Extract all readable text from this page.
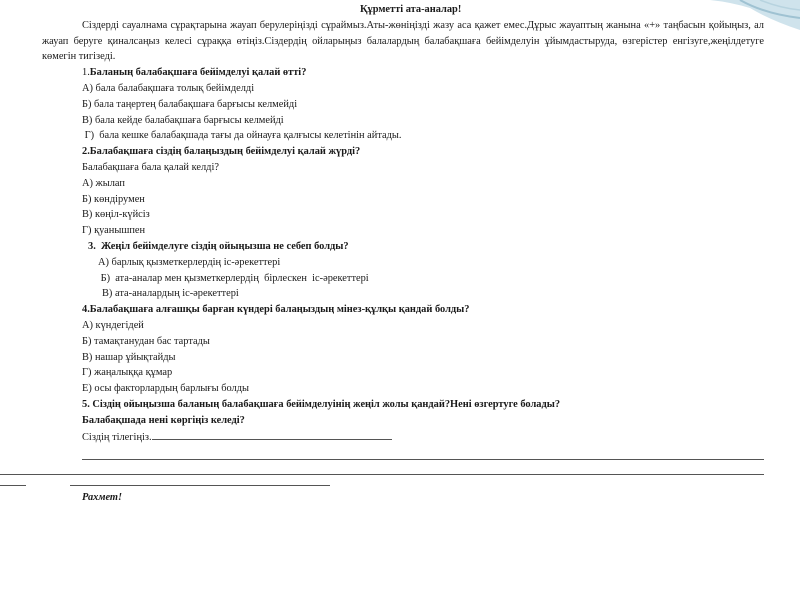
Құрметті ата-аналар!
Сіздерді сауалнама сұрақтарына жауап берулеріңізді сұраймыз.Аты-жөніңізді жазу аса қажет емес.Дұрыс жауаптың жанына «+» таңбасын қойыңыз, ал жауап беруге қиналсаңыз келесі сұраққа өтіңіз.Сіздердің ойларыңыз балалардың балабақшаға бейімделуін ұйымдастыруда, өзгерістер енгізуге,жеңілдетуге көмегін тигізеді.
1.Баланың балабақшаға бейімделуі қалай өтті?
А) бала балабақшаға толық бейімделді
Б) бала таңертең балабақшаға барғысы келмейді
В) бала кейде балабақшаға барғысы келмейді
Г)  бала кешке балабақшада тағы да ойнауға қалғысы келетінін айтады.
2.Балабақшаға сіздің балаңыздың бейімделуі қалай жүрді?
Балабақшаға бала қалай келді?
А) жылап
Б) көндірумен
В) көңіл-күйсіз
Г) қуанышпен
3.  Жеңіл бейімделуге сіздің ойыңызша не себеп болды?
А) барлық қызметкерлердің іс-әрекеттері
Б)  ата-аналар мен қызметкерлердің  бірлескен  іс-әрекеттері
В) ата-аналардың іс-әрекеттері
4.Балабақшаға алғашқы барған күндері балаңыздың мінез-құлқы қандай болды?
А) күндегідей
Б) тамақтанудан бас тартады
В) нашар ұйықтайды
Г) жаңалыққа құмар
Е) осы факторлардың барлығы болды
5. Сіздің ойыңызша баланың балабақшаға бейімделуінің жеңіл жолы қандай?Нені өзгертуге болады?
Балабақшада нені көргіңіз келеді?
Сіздің тілегіңіз.
Рахмет!
